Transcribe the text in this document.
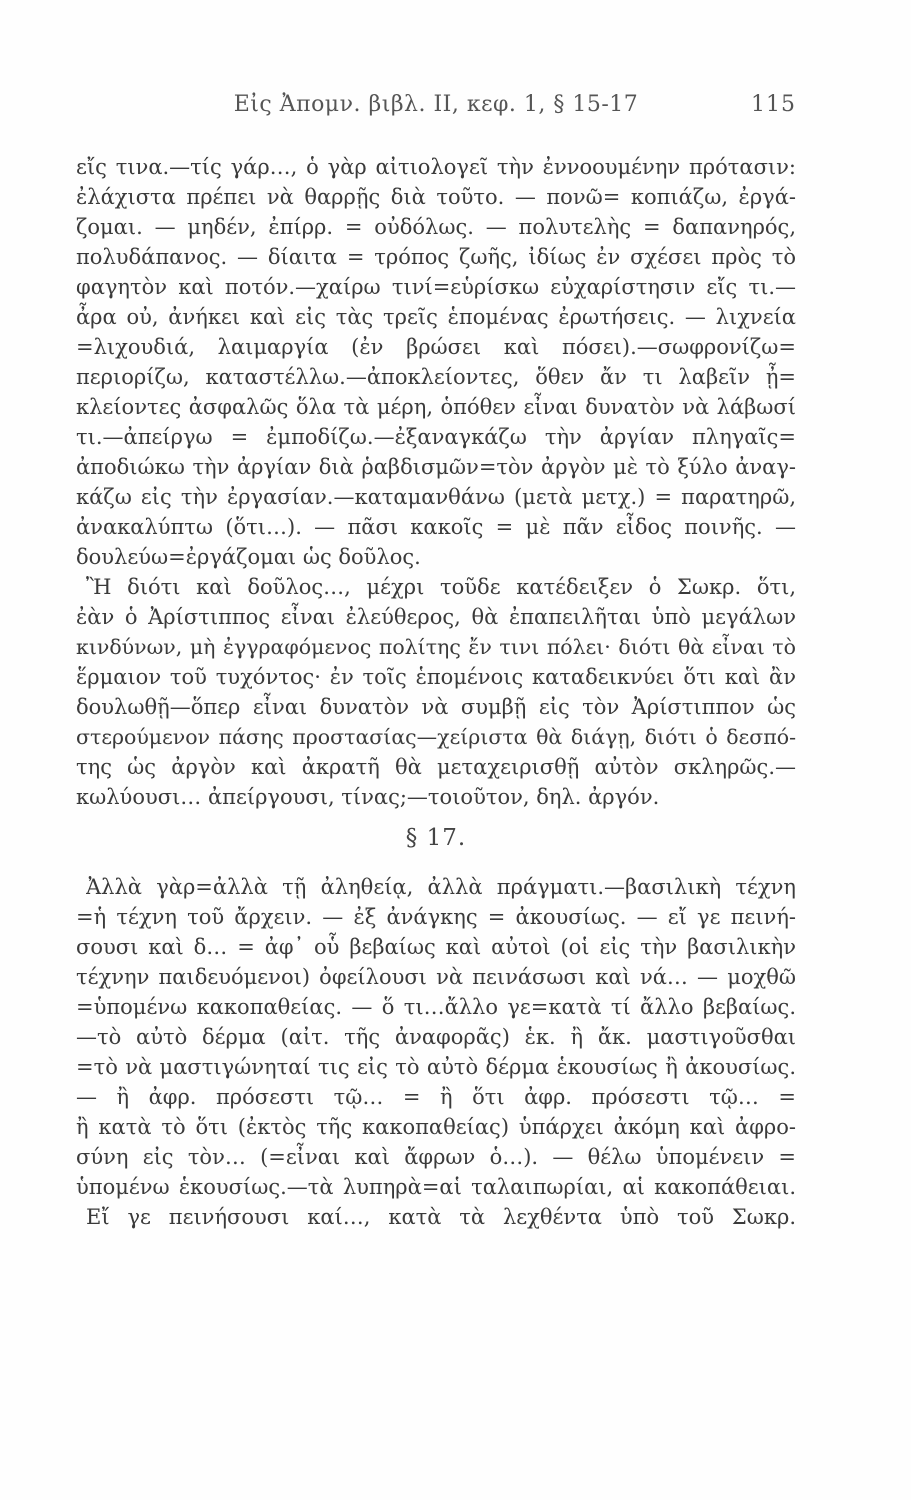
Εἰς Ἀπομν. βιβλ. ΙΙ, κεφ. 1, § 15-17	115
εἴς τινα.—τίς γάρ…, ὁ γὰρ αἰτιολογεῖ τὴν ἐννοουμένην πρότασιν:
ἐλάχιστα πρέπει νὰ θαρρῇς διὰ τοῦτο. — πονῶ= κοπιάζω, ἐργά-
ζομαι. — μηδέν, ἐπίρρ. = οὐδόλως. — πολυτελὴς = δαπανηρός,
πολυδάπανος. — δίαιτα = τρόπος ζωῆς, ἰδίως ἐν σχέσει πρὸς τὸ
φαγητὸν καὶ ποτόν.—χαίρω τινί=εὑρίσκω εὐχαρίστησιν εἴς τι.—
ἆρα οὐ, ἀνήκει καὶ εἰς τὰς τρεῖς ἑπομένας ἐρωτήσεις. — λιχνεία
=λιχουδιά, λαιμαργία (ἐν βρώσει καὶ πόσει).—σωφρονίζω=
περιορίζω, καταστέλλω.—ἀποκλείοντες, ὅθεν ἄν τι λαβεῖν ᾖ=
κλείοντες ἀσφαλῶς ὅλα τὰ μέρη, ὁπόθεν εἶναι δυνατὸν νὰ λάβωσί
τι.—ἀπείργω = ἐμποδίζω.—ἐξαναγκάζω τὴν ἀργίαν πληγαῖς=
ἀποδιώκω τὴν ἀργίαν διὰ ῥαβδισμῶν=τὸν ἀργὸν μὲ τὸ ξύλο ἀναγ-
κάζω εἰς τὴν ἐργασίαν.—καταμανθάνω (μετὰ μετχ.) = παρατηρῶ,
ἀνακαλύπτω (ὅτι…). — πᾶσι κακοῖς = μὲ πᾶν εἶδος ποινῆς. —
δουλεύω=ἐργάζομαι ὡς δοῦλος.
Ἢ διότι καὶ δοῦλος…, μέχρι τοῦδε κατέδειξεν ὁ Σωκρ. ὅτι,
ἐὰν ὁ Ἀρίστιππος εἶναι ἐλεύθερος, θὰ ἐπαπειλῆται ὑπὸ μεγάλων
κινδύνων, μὴ ἐγγραφόμενος πολίτης ἔν τινι πόλει· διότι θὰ εἶναι τὸ
ἕρμαιον τοῦ τυχόντος· ἐν τοῖς ἑπομένοις καταδεικνύει ὅτι καὶ ἂν
δουλωθῇ—ὅπερ εἶναι δυνατὸν νὰ συμβῇ εἰς τὸν Ἀρίστιππον ὡς
στερούμενον πάσης προστασίας—χείριστα θὰ διάγῃ, διότι ὁ δεσπό-
της ὡς ἀργὸν καὶ ἀκρατῆ θὰ μεταχειρισθῇ αὐτὸν σκληρῶς.—
κωλύουσι… ἀπείργουσι, τίνας;—τοιοῦτον, δηλ. ἀργόν.
§ 17.
Ἀλλὰ γὰρ=ἀλλὰ τῇ ἀληθείᾳ, ἀλλὰ πράγματι.—βασιλικὴ τέχνη
=ἡ τέχνη τοῦ ἄρχειν. — ἐξ ἀνάγκης = ἀκουσίως. — εἴ γε πεινή-
σουσι καὶ δ… = ἀφ᾽ οὗ βεβαίως καὶ αὐτοὶ (οἱ εἰς τὴν βασιλικὴν
τέχνην παιδευόμενοι) ὀφείλουσι νὰ πεινάσωσι καὶ νά… — μοχθῶ
=ὑπομένω κακοπαθείας. — ὅ τι…ἄλλο γε=κατὰ τί ἄλλο βεβαίως.
—τὸ αὐτὸ δέρμα (αἰτ. τῆς ἀναφορᾶς) ἑκ. ἢ ἄκ. μαστιγοῦσθαι
=τὸ νὰ μαστιγώνηταί τις εἰς τὸ αὐτὸ δέρμα ἑκουσίως ἢ ἀκουσίως.
— ἢ ἀφρ. πρόσεστι τῷ… = ἢ ὅτι ἀφρ. πρόσεστι τῷ… =
ἢ κατὰ τὸ ὅτι (ἐκτὸς τῆς κακοπαθείας) ὑπάρχει ἀκόμη καὶ ἀφρο-
σύνη εἰς τὸν… (=εἶναι καὶ ἄφρων ὁ…). — θέλω ὑπομένειν =
ὑπομένω ἑκουσίως.—τὰ λυπηρὰ=αἱ ταλαιπωρίαι, αἱ κακοπάθειαι.
Εἴ γε πεινήσουσι καί…, κατὰ τὰ λεχθέντα ὑπὸ τοῦ Σωκρ.
